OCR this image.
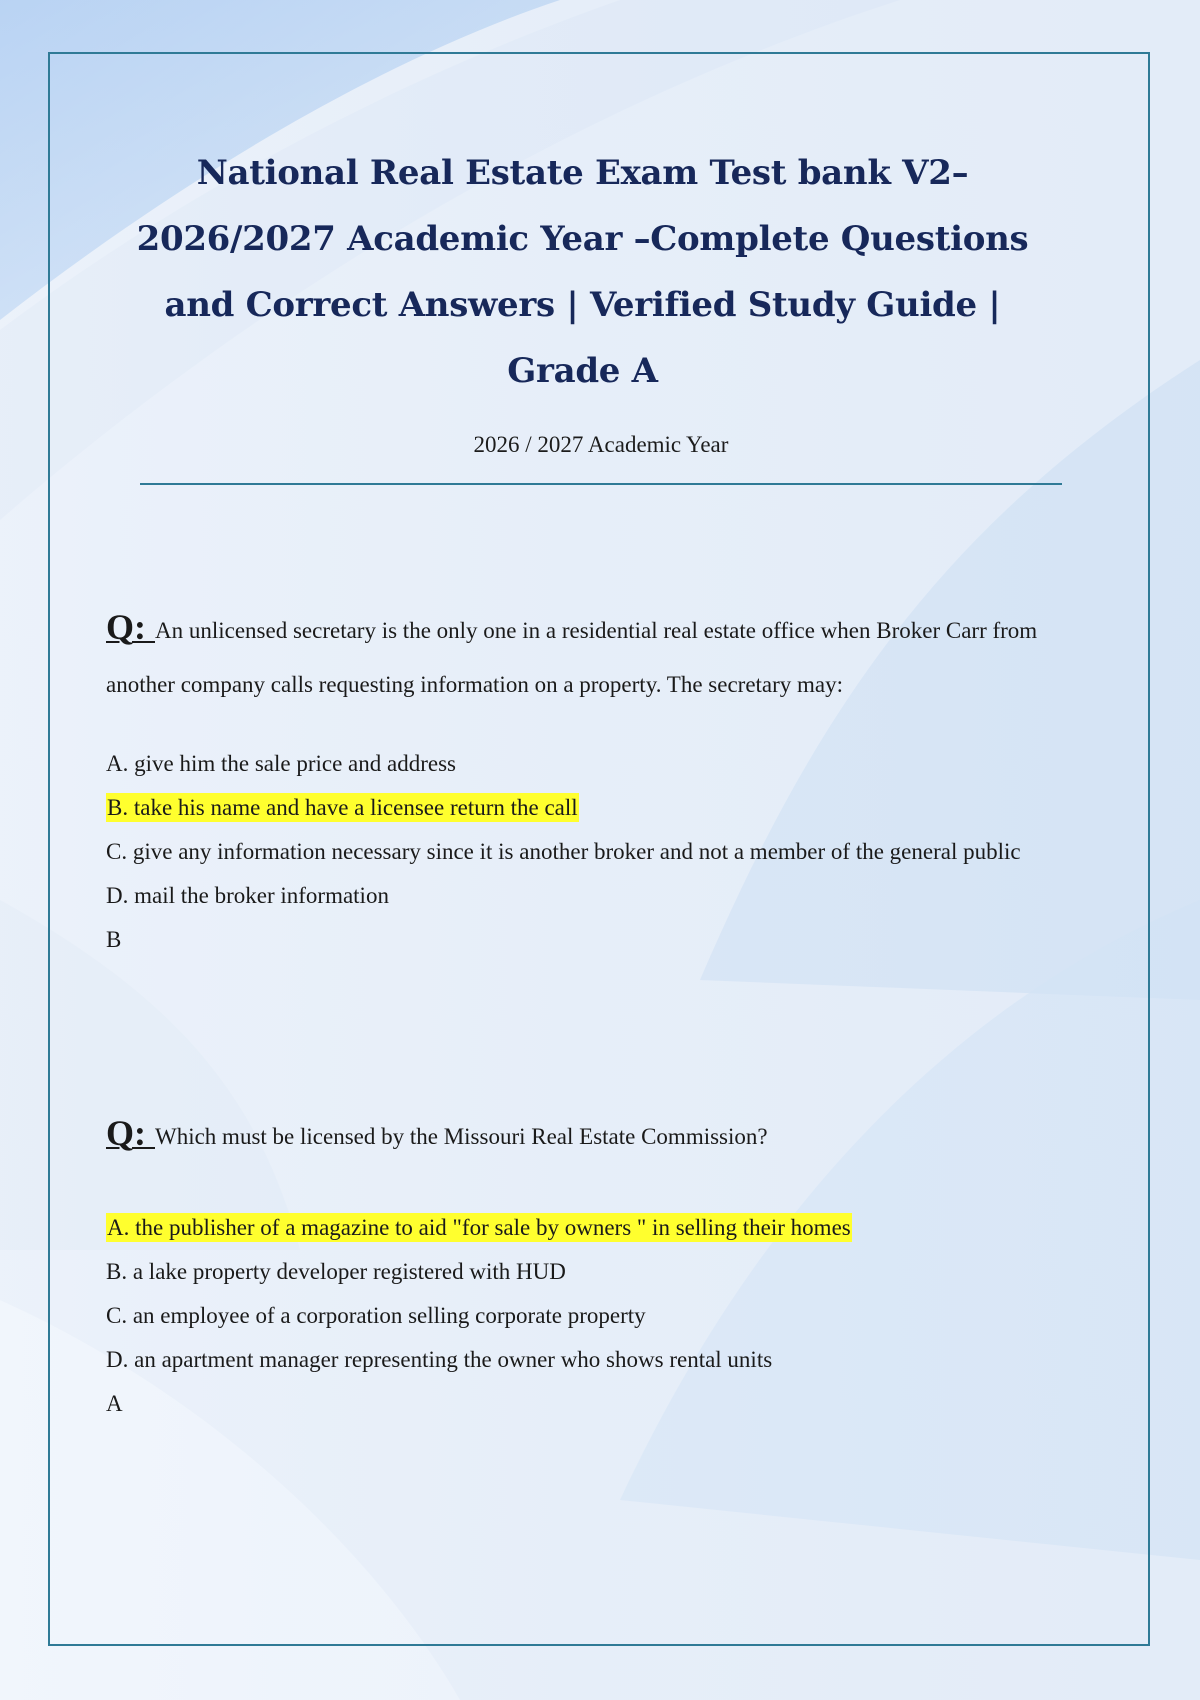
National Real Estate Exam Test bank V2–2026/2027 Academic Year –Complete Questions and Correct Answers | Verified Study Guide | Grade A
2026 / 2027 Academic Year

Q: An unlicensed secretary is the only one in a residential real estate office when Broker Carr from another company calls requesting information on a property. The secretary may:

A. give him the sale price and address
B. take his name and have a licensee return the call
C. give any information necessary since it is another broker and not a member of the general public
D. mail the broker information

B

Q: Which must be licensed by the Missouri Real Estate Commission?

A. the publisher of a magazine to aid "for sale by owners " in selling their homes
B. a lake property developer registered with HUD
C. an employee of a corporation selling corporate property
D. an apartment manager representing the owner who shows rental units

A
